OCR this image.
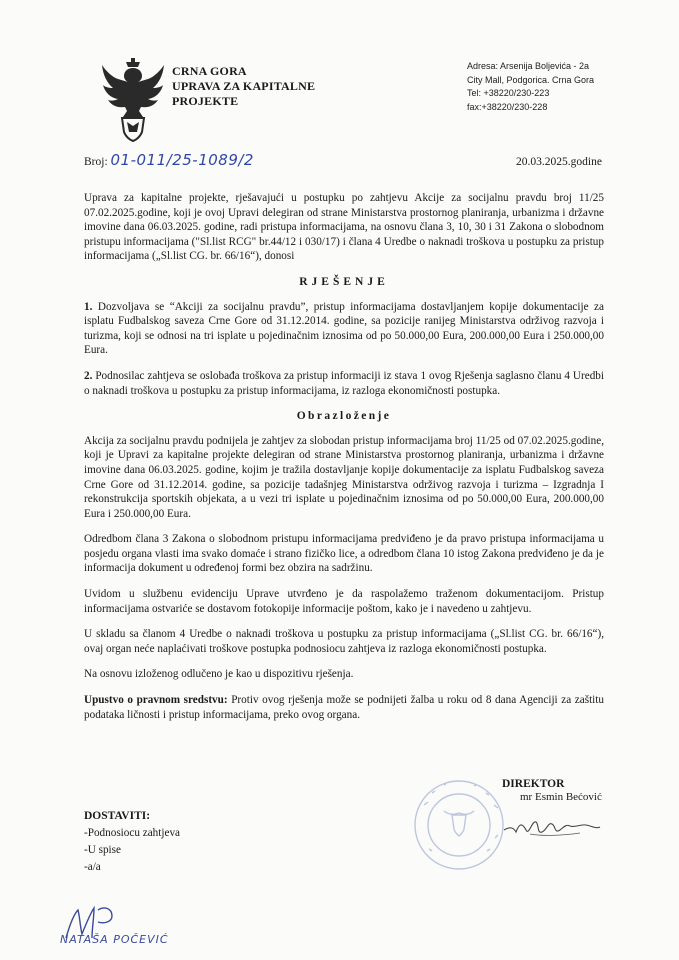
CRNA GORA
UPRAVA ZA KAPITALNE
PROJEKTE
Adresa: Arsenija Boljevića - 2a
City Mall, Podgorica. Crna Gora
Tel: +38220/230-223
fax:+38220/230-228
Broj: 01-011/25-1089/2	20.03.2025.godine

Uprava za kapitalne projekte, rješavajući u postupku po zahtjevu Akcije za socijalnu pravdu broj 11/25 07.02.2025.godine, koji je ovoj Upravi delegiran od strane Ministarstva prostornog planiranja, urbanizma i državne imovine dana 06.03.2025. godine, radi pristupa informacijama, na osnovu člana 3, 10, 30 i 31 Zakona o slobodnom pristupu informacijama ("Sl.list RCG" br.44/12 i 030/17) i člana 4 Uredbe o naknadi troškova u postupku za pristup informacijama („Sl.list CG. br. 66/16“), donosi

RJEŠENJE

1. Dozvoljava se “Akciji za socijalnu pravdu”, pristup informacijama dostavljanjem kopije dokumentacije za isplatu Fudbalskog saveza Crne Gore od 31.12.2014. godine, sa pozicije ranijeg Ministarstva održivog razvoja i turizma, koji se odnosi na tri isplate u pojedinačnim iznosima od po 50.000,00 Eura, 200.000,00 Eura i 250.000,00 Eura.

2. Podnosilac zahtjeva se oslobađa troškova za pristup informaciji iz stava 1 ovog Rješenja saglasno članu 4 Uredbi o naknadi troškova u postupku za pristup informacijama, iz razloga ekonomičnosti postupka.

Obrazloženje

Akcija za socijalnu pravdu podnijela je zahtjev za slobodan pristup informacijama broj 11/25 od 07.02.2025.godine, koji je Upravi za kapitalne projekte delegiran od strane Ministarstva prostornog planiranja, urbanizma i državne imovine dana 06.03.2025. godine, kojim je tražila dostavljanje kopije dokumentacije za isplatu Fudbalskog saveza Crne Gore od 31.12.2014. godine, sa pozicije tadašnjeg Ministarstva održivog razvoja i turizma – Izgradnja I rekonstrukcija sportskih objekata, a u vezi tri isplate u pojedinačnim iznosima od po 50.000,00 Eura, 200.000,00 Eura i 250.000,00 Eura.

Odredbom člana 3 Zakona o slobodnom pristupu informacijama predviđeno je da pravo pristupa informacijama u posjedu organa vlasti ima svako domaće i strano fizičko lice, a odredbom člana 10 istog Zakona predviđeno je da je informacija dokument u određenoj formi bez obzira na sadržinu.

Uvidom u službenu evidenciju Uprave utvrđeno je da raspolažemo traženom dokumentacijom. Pristup informacijama ostvariće se dostavom fotokopije informacije poštom, kako je i navedeno u zahtjevu.

U skladu sa članom 4 Uredbe o naknadi troškova u postupku za pristup informacijama („Sl.list CG. br. 66/16“), ovaj organ neće naplaćivati troškove postupka podnosiocu zahtjeva iz razloga ekonomičnosti postupka.

Na osnovu izloženog odlučeno je kao u dispozitivu rješenja.

Upustvo o pravnom sredstvu: Protiv ovog rješenja može se podnijeti žalba u roku od 8 dana Agenciji za zaštitu podataka ličnosti i pristup informacijama, preko ovog organa.

DIREKTOR
mr Esmin Bećović
DOSTAVITI:
-Podnosiocu zahtjeva
-U spise
-a/a
NATAŠA POČEVIĆ
